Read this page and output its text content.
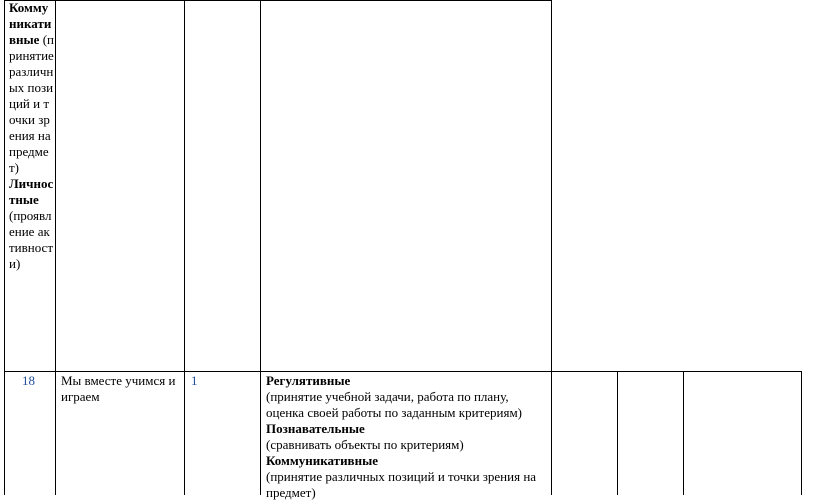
Коммуникативные (принятие различных позиций и точки зрения на предмет)
Личностные
(проявление активности)
18 Мы вместе учимся и играем
1	Регулятивные
(принятие учебной задачи, работа по плану,
оценка своей работы по заданным критериям)
Познавательные
(сравнивать объекты по критериям)
Коммуникативные
(принятие различных позиций и точки зрения на
предмет)
